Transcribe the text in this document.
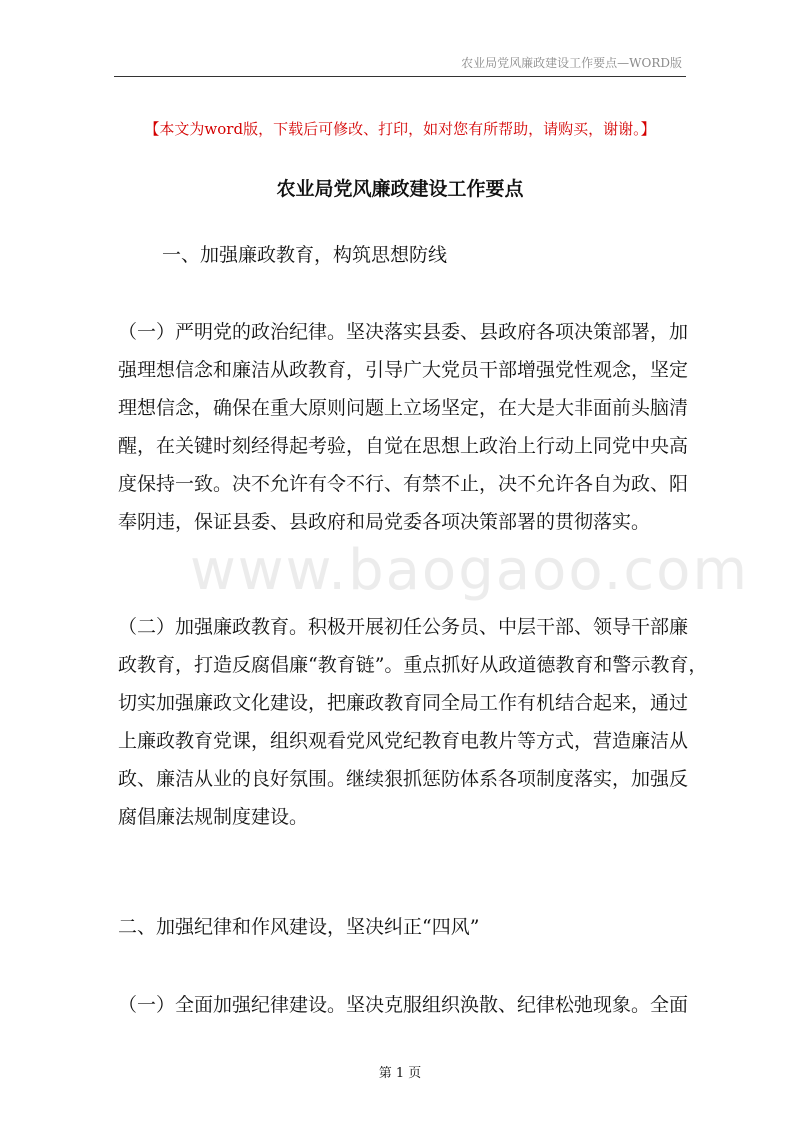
www.baogaoo.com
农业局党风廉政建设工作要点—WORD版
【本文为word版，下载后可修改、打印，如对您有所帮助，请购买，谢谢。】
农业局党风廉政建设工作要点
一、加强廉政教育，构筑思想防线
（一）严明党的政治纪律。坚决落实县委、县政府各项决策部署，加
强理想信念和廉洁从政教育，引导广大党员干部增强党性观念，坚定
理想信念，确保在重大原则问题上立场坚定，在大是大非面前头脑清
醒，在关键时刻经得起考验，自觉在思想上政治上行动上同党中央高
度保持一致。决不允许有令不行、有禁不止，决不允许各自为政、阳
奉阴违，保证县委、县政府和局党委各项决策部署的贯彻落实。
（二）加强廉政教育。积极开展初任公务员、中层干部、领导干部廉
政教育，打造反腐倡廉“教育链”。重点抓好从政道德教育和警示教育，
切实加强廉政文化建设，把廉政教育同全局工作有机结合起来，通过
上廉政教育党课，组织观看党风党纪教育电教片等方式，营造廉洁从
政、廉洁从业的良好氛围。继续狠抓惩防体系各项制度落实，加强反
腐倡廉法规制度建设。
二、加强纪律和作风建设，坚决纠正“四风”
（一）全面加强纪律建设。坚决克服组织涣散、纪律松弛现象。全面
第 1 页
